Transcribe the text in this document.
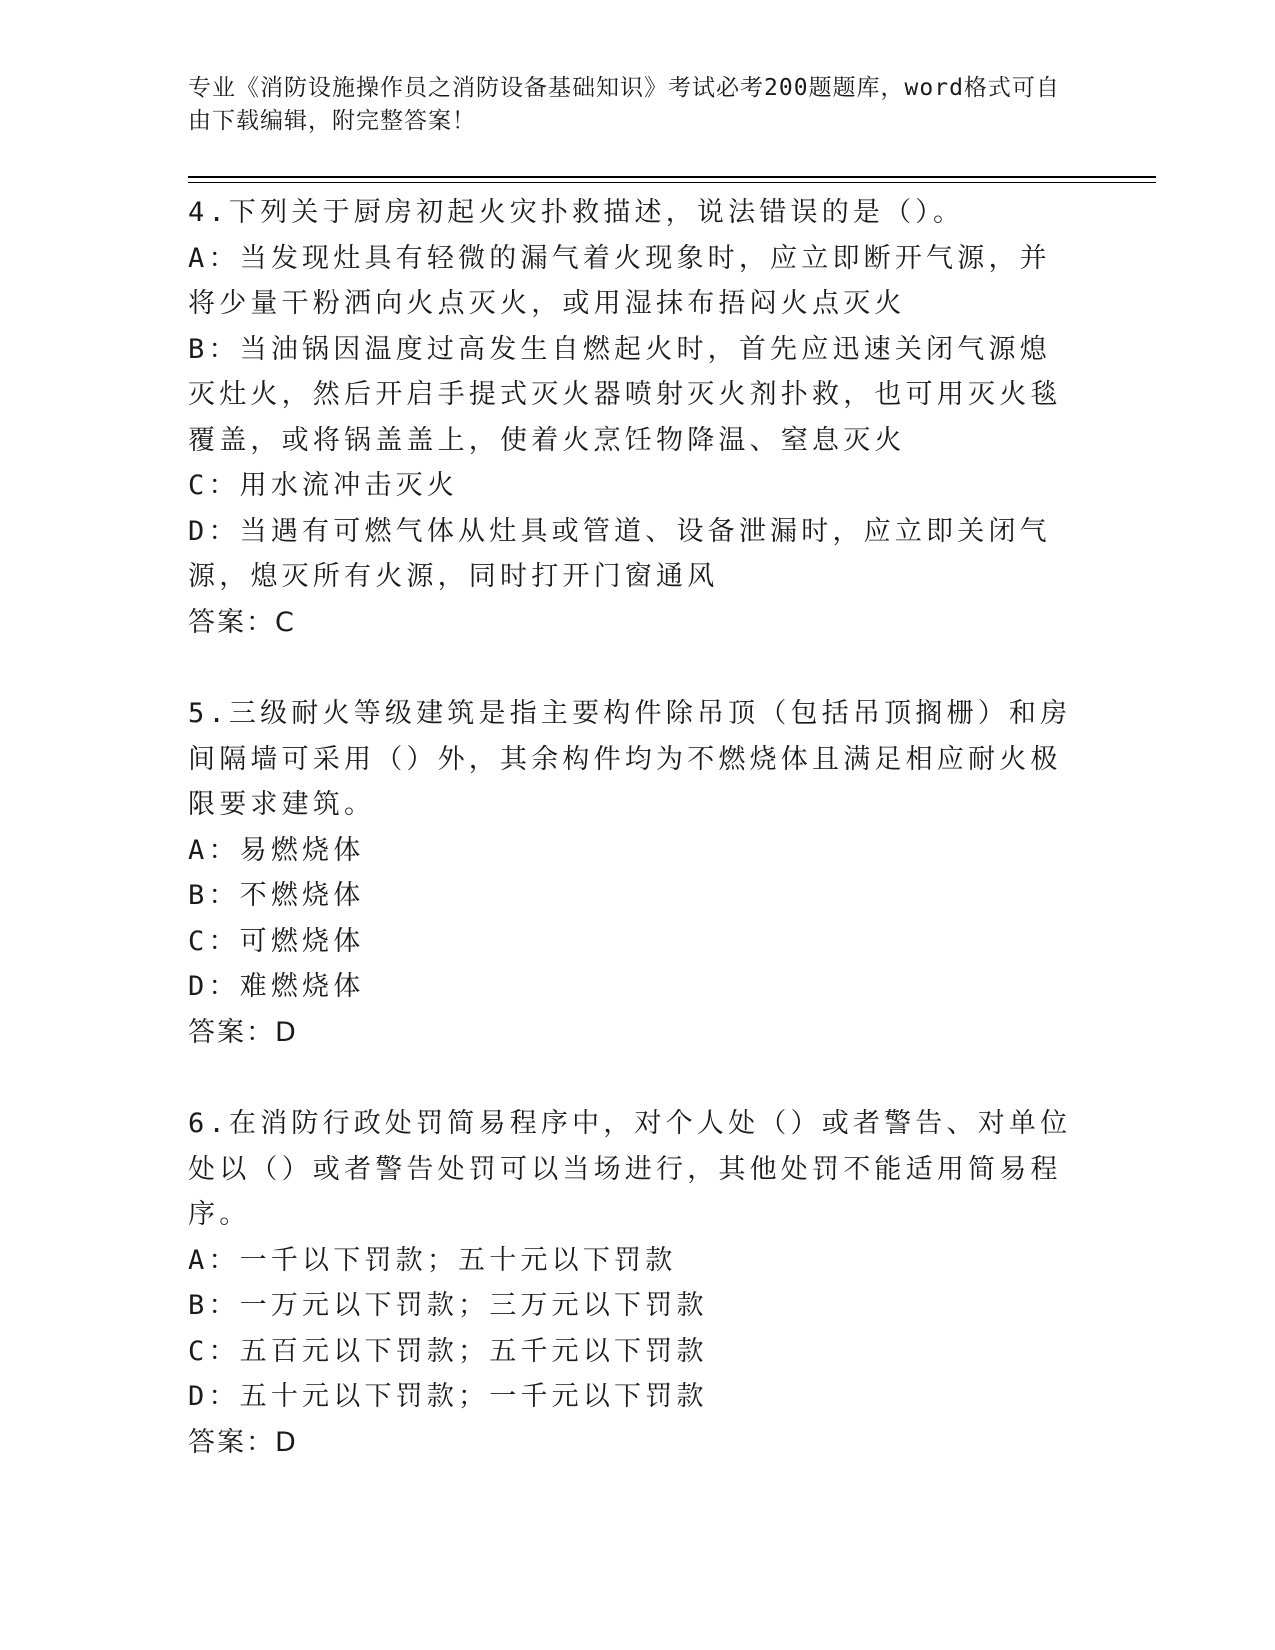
专业《消防设施操作员之消防设备基础知识》考试必考200题题库，word格式可自由下载编辑，附完整答案！
4.下列关于厨房初起火灾扑救描述，说法错误的是（）。
A：当发现灶具有轻微的漏气着火现象时，应立即断开气源，并将少量干粉洒向火点灭火，或用湿抹布捂闷火点灭火
B：当油锅因温度过高发生自燃起火时，首先应迅速关闭气源熄灭灶火，然后开启手提式灭火器喷射灭火剂扑救，也可用灭火毯覆盖，或将锅盖盖上，使着火烹饪物降温、窒息灭火
C：用水流冲击灭火
D：当遇有可燃气体从灶具或管道、设备泄漏时，应立即关闭气源，熄灭所有火源，同时打开门窗通风
答案：C
5.三级耐火等级建筑是指主要构件除吊顶（包括吊顶搁栅）和房间隔墙可采用（）外，其余构件均为不燃烧体且满足相应耐火极限要求建筑。
A：易燃烧体
B：不燃烧体
C：可燃烧体
D：难燃烧体
答案：D
6.在消防行政处罚简易程序中，对个人处（）或者警告、对单位处以（）或者警告处罚可以当场进行，其他处罚不能适用简易程序。
A：一千以下罚款；五十元以下罚款
B：一万元以下罚款；三万元以下罚款
C：五百元以下罚款；五千元以下罚款
D：五十元以下罚款；一千元以下罚款
答案：D
